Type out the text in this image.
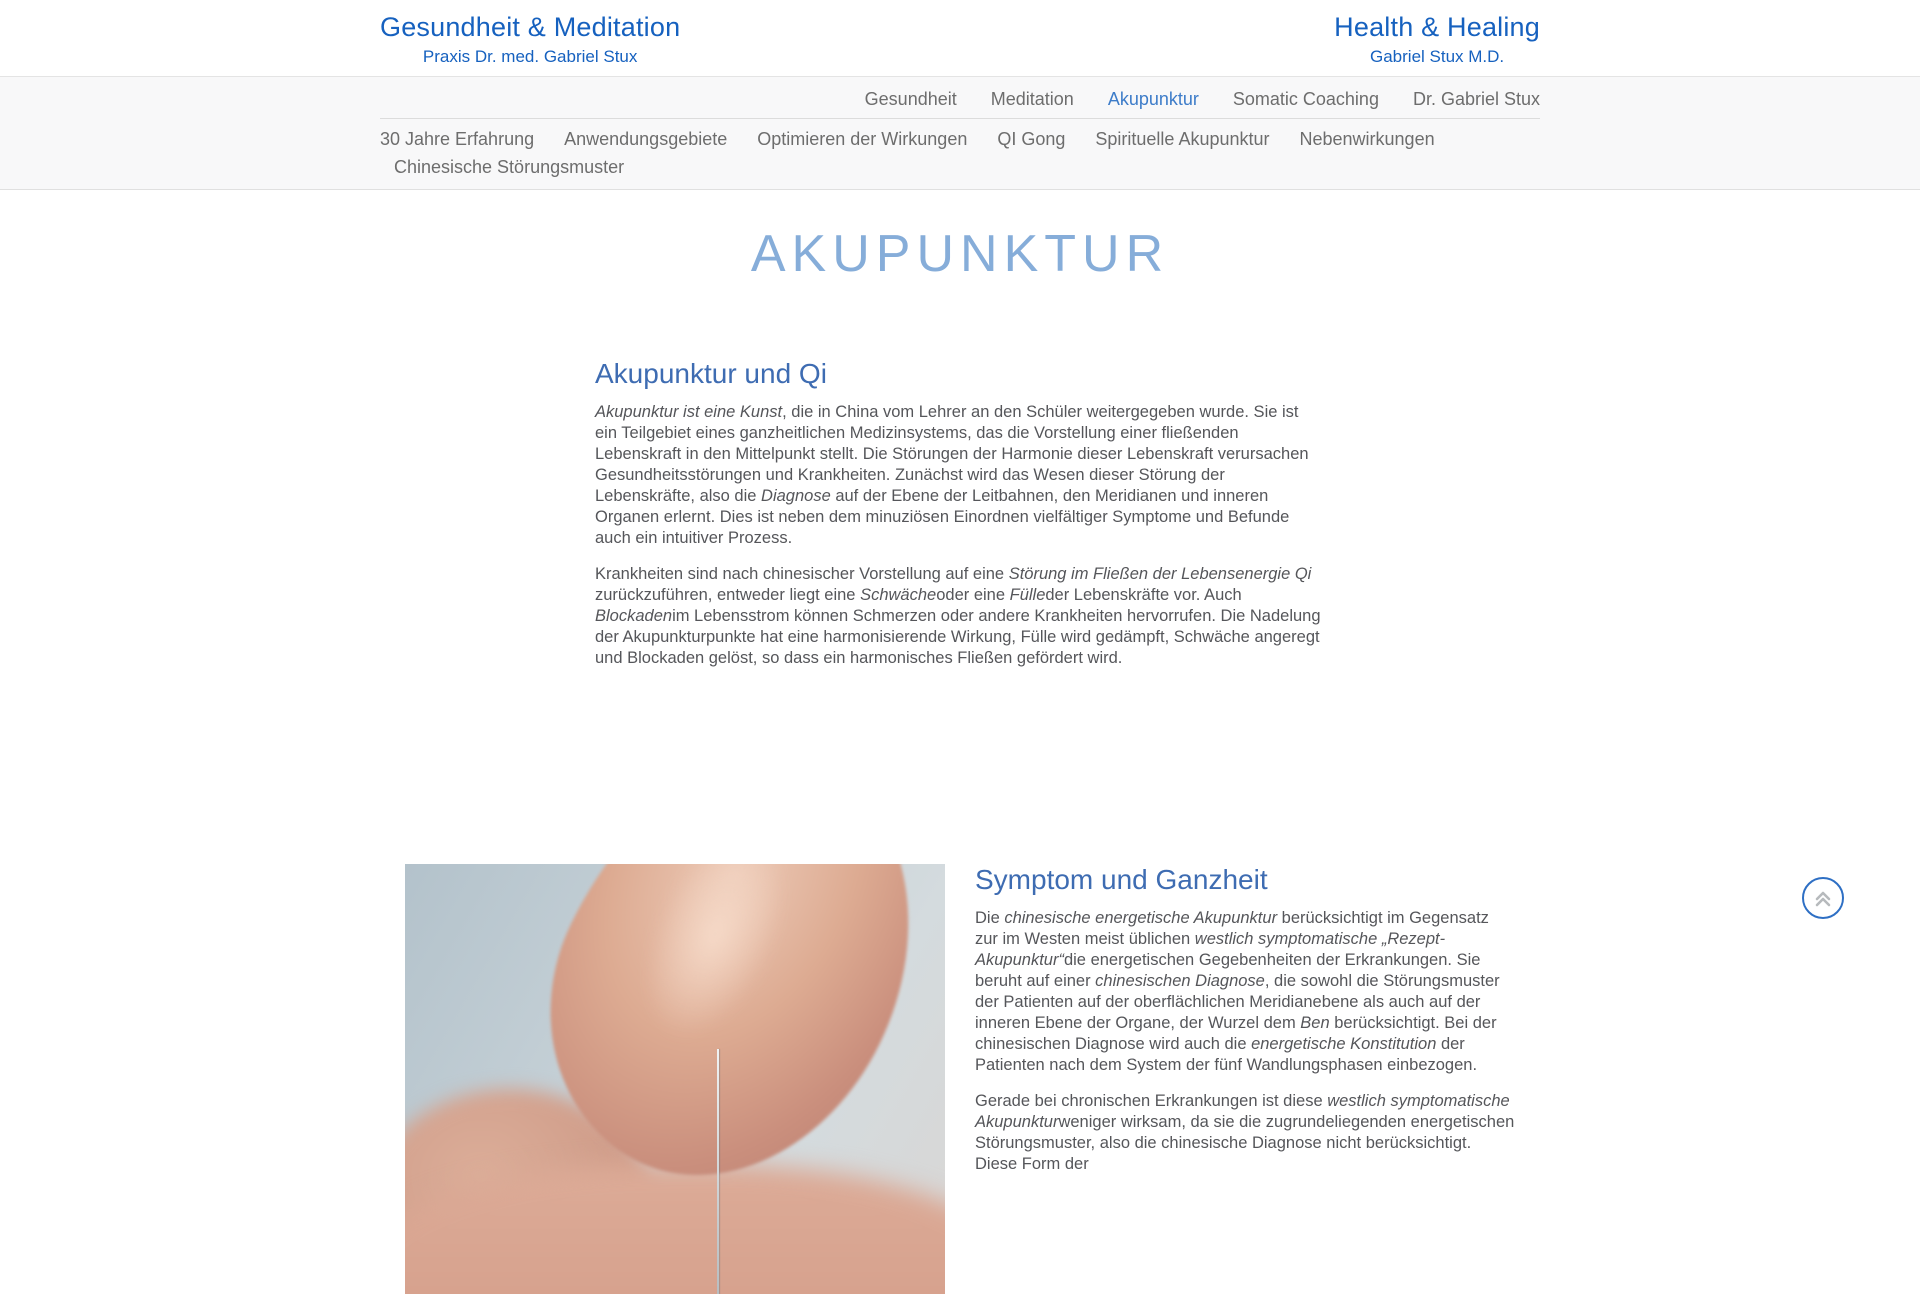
Gesundheit & Meditation
Praxis Dr. med. Gabriel Stux
Health & Healing
Gabriel Stux M.D.
Gesundheit Meditation Akupunktur Somatic Coaching Dr. Gabriel Stux
30 Jahre Erfahrung Anwendungsgebiete Optimieren der Wirkungen QI Gong Spirituelle Akupunktur Nebenwirkungen
Chinesische Störungsmuster
AKUPUNKTUR
Akupunktur und Qi

Akupunktur ist eine Kunst, die in China vom Lehrer an den Schüler weitergegeben wurde. Sie ist ein Teilgebiet eines ganzheitlichen Medizinsystems, das die Vorstellung einer fließenden Lebenskraft in den Mittelpunkt stellt. Die Störungen der Harmonie dieser Lebenskraft verursachen Gesundheitsstörungen und Krankheiten. Zunächst wird das Wesen dieser Störung der Lebenskräfte, also die Diagnose auf der Ebene der Leitbahnen, den Meridianen und inneren Organen erlernt. Dies ist neben dem minuziösen Einordnen vielfältiger Symptome und Befunde auch ein intuitiver Prozess.

Krankheiten sind nach chinesischer Vorstellung auf eine Störung im Fließen der Lebensenergie Qi zurückzuführen, entweder liegt eine Schwächeoder eine Fülleder Lebenskräfte vor. Auch Blockadenim Lebensstrom können Schmerzen oder andere Krankheiten hervorrufen. Die Nadelung der Akupunkturpunkte hat eine harmonisierende Wirkung, Fülle wird gedämpft, Schwäche angeregt und Blockaden gelöst, so dass ein harmonisches Fließen gefördert wird.

Symptom und Ganzheit

Die chinesische energetische Akupunktur berücksichtigt im Gegensatz zur im Westen meist üblichen westlich symptomatische „Rezept-Akupunktur“die energetischen Gegebenheiten der Erkrankungen. Sie beruht auf einer chinesischen Diagnose, die sowohl die Störungsmuster der Patienten auf der oberflächlichen Meridianebene als auch auf der inneren Ebene der Organe, der Wurzel dem Ben berücksichtigt. Bei der chinesischen Diagnose wird auch die energetische Konstitution der Patienten nach dem System der fünf Wandlungsphasen einbezogen.

Gerade bei chronischen Erkrankungen ist diese westlich symptomatische Akupunkturweniger wirksam, da sie die zugrundeliegenden energetischen Störungsmuster, also die chinesische Diagnose nicht berücksichtigt. Diese Form der
